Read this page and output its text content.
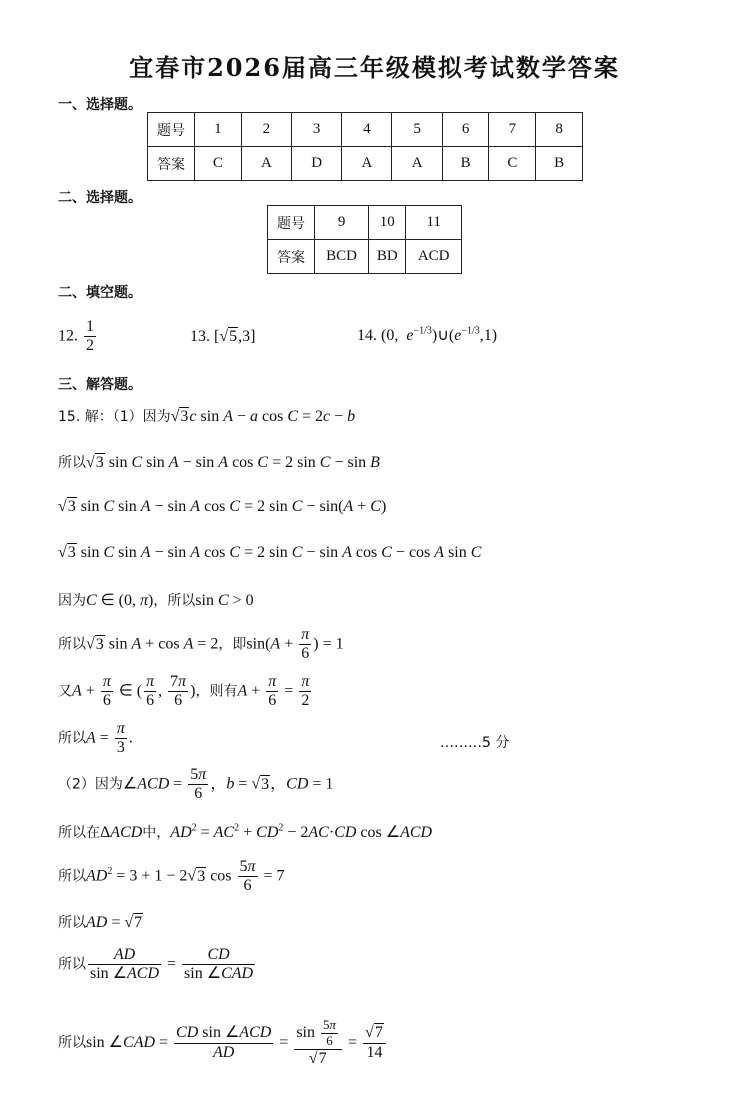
宜春市2026届高三年级模拟考试数学答案
一、选择题。
题号	1	2	3	4	5	6	7	8
答案	C	A	D	A	A	B	C	B
二、选择题。
题号	9	10	11
答案	BCD	BD	ACD
二、填空题。
12. $\frac{1}{2}$	13. [√5,3]	14. (0,  $e^{-1/3})\cup(e^{-1/3},1)$
三、解答题。
15. 解：（1）因为√3c sin A − a cos C = 2c − b
所以√3 sin C sin A − sin A cos C = 2 sin C − sin B
√3 sin C sin A − sin A cos C = 2 sin C − sin(A + C)
√3 sin C sin A − sin A cos C = 2 sin C − sin A cos C − cos A sin C
因为C ∈ (0, π)，所以sin C > 0
所以√3 sin A + cos A = 2，即$\sin(A + \frac{\pi}{6}$ ) = 1
又$A + \frac{\pi}{6}$ ∈ ( $\frac{\pi}{6}$ , $\frac{7\pi}{6}$ )，则有$A + \frac{\pi}{6} = \frac{\pi}{2}$
所以$A = \frac{\pi}{3}$ .	………5 分
（2）因为∠ACD = $\frac{5\pi}{6}$ ，b = √3，CD = 1
所以在ΔACD中，$AD^2 = AC^2 + CD^2 - 2AC\cdot CD$ cos ∠ACD
所以$AD^2 = 3 + 1 - 2√3$ $\cos \frac{5\pi}{6} = 7$
所以AD = √7
所以 $\frac{AD}{\text{sin ∠ACD}} = \frac{CD}{\text{sin ∠CAD}}$
所以sin ∠CAD = $\frac{\text{CD sin ∠ACD}}{AD} = \frac{\sin \frac{5\pi}{6}}{√7} = \frac{√7}{14}$
